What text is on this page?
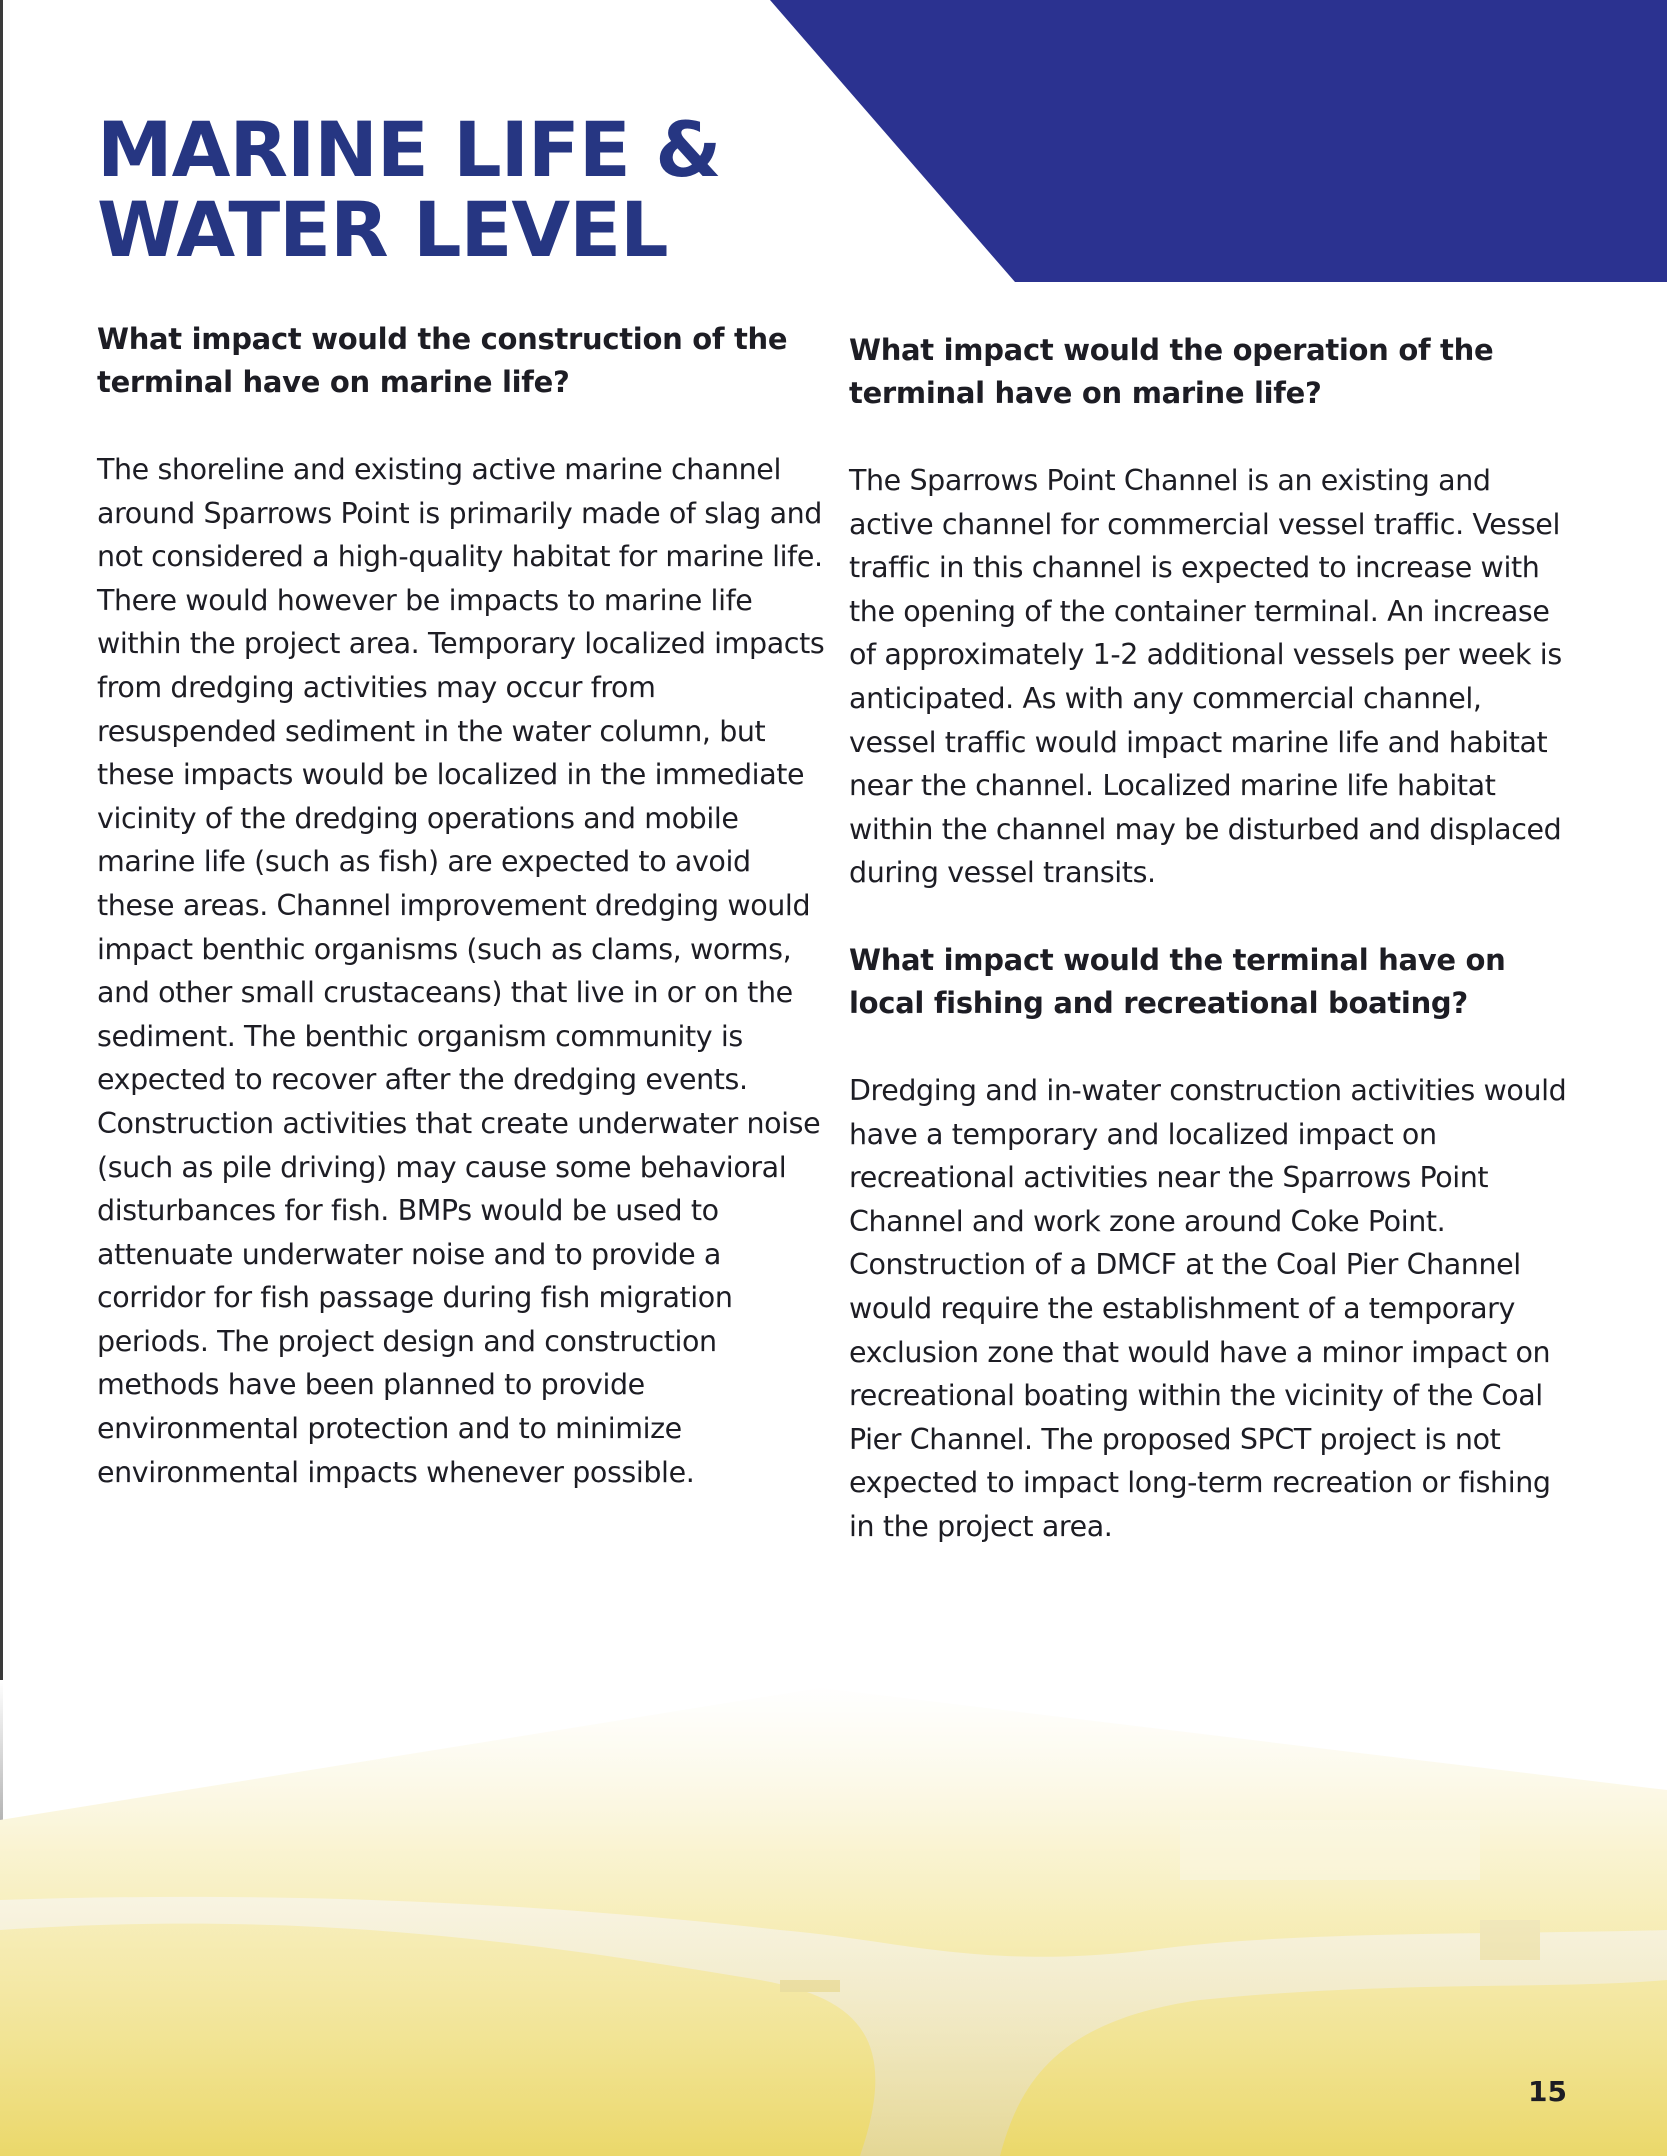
MARINE LIFE &
WATER LEVEL

What impact would the construction of the terminal have on marine life?

The shoreline and existing active marine channel around Sparrows Point is primarily made of slag and not considered a high-quality habitat for marine life. There would however be impacts to marine life within the project area. Temporary localized impacts from dredging activities may occur from resuspended sediment in the water column, but these impacts would be localized in the immediate vicinity of the dredging operations and mobile marine life (such as fish) are expected to avoid these areas. Channel improvement dredging would impact benthic organisms (such as clams, worms, and other small crustaceans) that live in or on the sediment. The benthic organism community is expected to recover after the dredging events. Construction activities that create underwater noise (such as pile driving) may cause some behavioral disturbances for fish. BMPs would be used to attenuate underwater noise and to provide a corridor for fish passage during fish migration periods. The project design and construction methods have been planned to provide environmental protection and to minimize environmental impacts whenever possible.

What impact would the operation of the terminal have on marine life?

The Sparrows Point Channel is an existing and active channel for commercial vessel traffic. Vessel traffic in this channel is expected to increase with the opening of the container terminal. An increase of approximately 1-2 additional vessels per week is anticipated. As with any commercial channel, vessel traffic would impact marine life and habitat near the channel. Localized marine life habitat within the channel may be disturbed and displaced during vessel transits.

What impact would the terminal have on local fishing and recreational boating?

Dredging and in-water construction activities would have a temporary and localized impact on recreational activities near the Sparrows Point Channel and work zone around Coke Point. Construction of a DMCF at the Coal Pier Channel would require the establishment of a temporary exclusion zone that would have a minor impact on recreational boating within the vicinity of the Coal Pier Channel. The proposed SPCT project is not expected to impact long-term recreation or fishing in the project area.

15
